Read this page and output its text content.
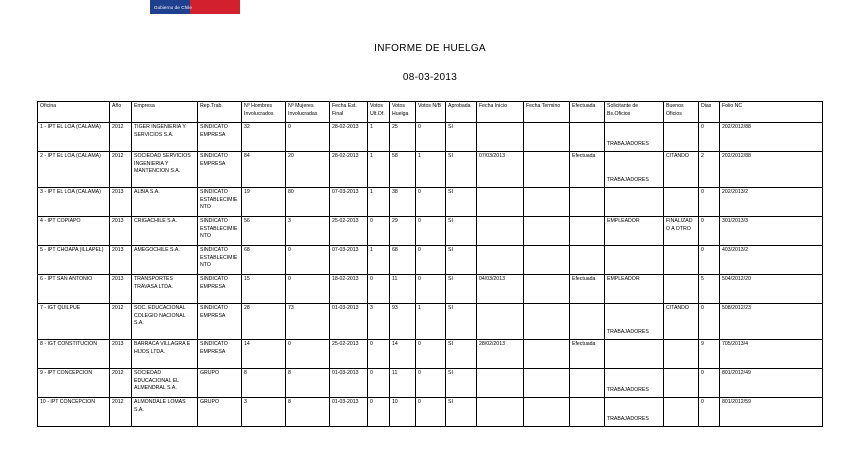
Gobierno de Chile
INFORME DE HUELGA
08-03-2013
Oficina	Año	Empresa	Rep.Trab.	Nº Hombres Involucrados	Nº Mujeres Involucradas	Fecha Est. Final	Votos Ult.Of.	Votos Huelga	Votos N/B	Aprobada	Fecha Inicio	Fecha Termino	Efectuada	Solicitante de Bs.Oficios	Buenos Oficios	Dias	Folio NC
1 - IPT EL LOA (CALAMA)	2012	TIGER INGENIERIA Y SERVICIOS S.A.	SINDICATO EMPRESA	32	0	28-02-2013	1	25	0	SI				TRABAJADORES		0	202/2012/88
2 - IPT EL LOA (CALAMA)	2012	SOCIEDAD SERVICIOS INGENIERIA Y MANTENCION S.A.	SINDICATO EMPRESA	84	20	28-02-2013	1	58	1	SI	07/03/2013		Efectuada	TRABAJADORES	CITANDO	2	202/2012/88
3 - IPT EL LOA (CALAMA)	2013	ALBIA S.A.	SINDICATO ESTABLECIMIENTO	19	80	07-03-2013	1	38	0	SI						0	202/2013/2
4 - IPT COPIAPO	2013	CRIGACHILE S.A.	SINDICATO ESTABLECIMIENTO	56	3	25-02-2013	0	29	0	SI				EMPLEADOR	FINALIZADO A OTRO	0	301/2013/3
5 - IPT CHOAPA (ILLAPEL)	2013	AMEGOCHILE S.A.	SINDICATO ESTABLECIMIENTO	68	0	07-03-2013	1	68	0	SI						0	403/2013/2
6 - IPT SAN ANTONIO	2013	TRANSPORTES TRAVASA LTDA.	SINDICATO EMPRESA	15	0	18-02-2013	0	11	0	SI	04/03/2013		Efectuada	EMPLEADOR		5	504/2012/20
7 - IGT QUILPUE	2012	SOC. EDUCACIONAL COLEGIO NACIONAL S.A.	SINDICATO EMPRESA	28	73	01-03-2013	3	93	1	SI				TRABAJADORES	CITANDO	0	508/2012/23
8 - IGT CONSTITUCION	2013	BARRACA VILLAGRA E HIJOS LTDA.	SINDICATO EMPRESA	14	0	25-02-2013	0	14	0	SI	28/02/2013		Efectuada			9	705/2013/4
9 - IPT CONCEPCION	2012	SOCIEDAD EDUCACIONAL EL ALMENDRAL S.A.	GRUPO	8	8	01-03-2013	0	11	0	SI				TRABAJADORES		0	801/2012/49
10 - IPT CONCEPCION	2012	ALMONDALE LOMAS S.A.	GRUPO	3	8	01-03-2013	0	10	0	SI				TRABAJADORES		0	801/2012/59
